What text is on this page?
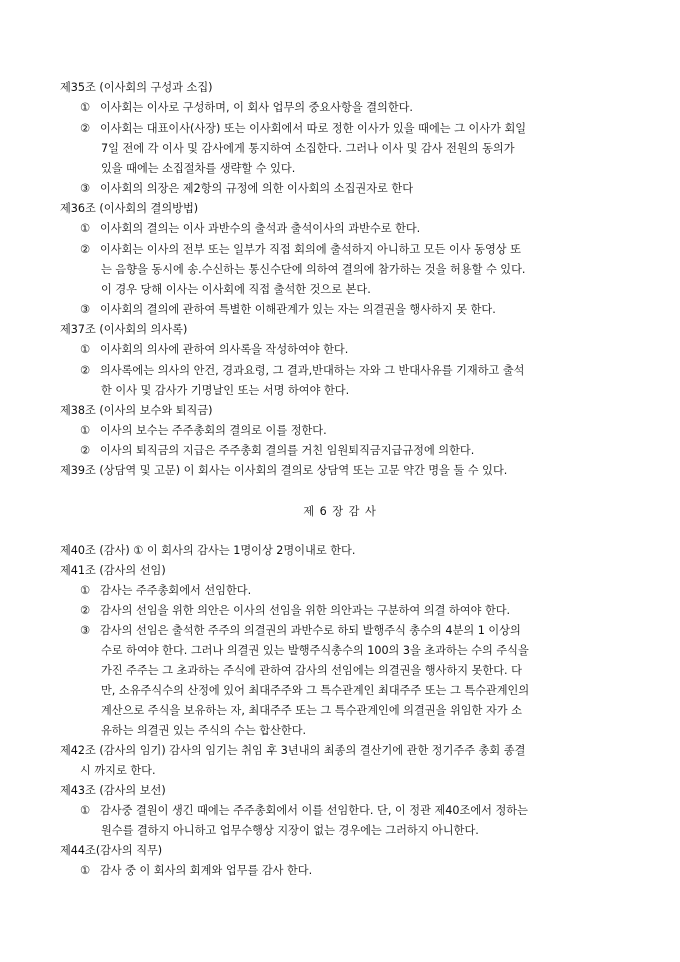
제35조 (이사회의 구성과 소집)
① 이사회는 이사로 구성하며, 이 회사 업무의 중요사항을 결의한다.
② 이사회는 대표이사(사장) 또는 이사회에서 따로 정한 이사가 있을 때에는 그 이사가 회일
7일 전에 각 이사 및 감사에게 통지하여 소집한다. 그러나 이사 및 감사 전원의 동의가
있을 때에는 소집절차를 생략할 수 있다.
③ 이사회의 의장은 제2항의 규정에 의한 이사회의 소집권자로 한다
제36조 (이사회의 결의방법)
① 이사회의 결의는 이사 과반수의 출석과 출석이사의 과반수로 한다.
② 이사회는 이사의 전부 또는 일부가 직접 회의에 출석하지 아니하고 모든 이사 동영상 또
는 음향을 동시에 송.수신하는 통신수단에 의하여 결의에 참가하는 것을 허용할 수 있다.
이 경우 당해 이사는 이사회에 직접 출석한 것으로 본다.
③ 이사회의 결의에 관하여 특별한 이해관계가 있는 자는 의결권을 행사하지 못 한다.
제37조 (이사회의 의사록)
① 이사회의 의사에 관하여 의사록을 작성하여야 한다.
② 의사록에는 의사의 안건, 경과요령, 그 결과,반대하는 자와 그 반대사유를 기재하고 출석
한 이사 및 감사가 기명날인 또는 서명 하여야 한다.
제38조 (이사의 보수와 퇴직금)
① 이사의 보수는 주주총회의 결의로 이를 정한다.
② 이사의 퇴직금의 지급은 주주총회 결의를 거친 임원퇴직금지급규정에 의한다.
제39조 (상담역 및 고문) 이 회사는 이사회의 결의로 상담역 또는 고문 약간 명을 둘 수 있다.
제 6 장 감 사
제40조 (감사) ① 이 회사의 감사는 1명이상 2명이내로 한다.
제41조 (감사의 선임)
① 감사는 주주총회에서 선임한다.
② 감사의 선임을 위한 의안은 이사의 선임을 위한 의안과는 구분하여 의결 하여야 한다.
③ 감사의 선임은 출석한 주주의 의결권의 과반수로 하되 발행주식 총수의 4분의 1 이상의
수로 하여야 한다. 그러나 의결권 있는 발행주식총수의 100의 3을 초과하는 수의 주식을
가진 주주는 그 초과하는 주식에 관하여 감사의 선임에는 의결권을 행사하지 못한다. 다
만, 소유주식수의 산정에 있어 최대주주와 그 특수관계인 최대주주 또는 그 특수관계인의
계산으로 주식을 보유하는 자, 최대주주 또는 그 특수관계인에 의결권을 위임한 자가 소
유하는 의결권 있는 주식의 수는 합산한다.
제42조 (감사의 임기) 감사의 임기는 취임 후 3년내의 최종의 결산기에 관한 정기주주 총회 종결
시 까지로 한다.
제43조 (감사의 보선)
① 감사중 결원이 생긴 때에는 주주총회에서 이를 선임한다. 단, 이 정관 제40조에서 정하는
원수를 결하지 아니하고 업무수행상 지장이 없는 경우에는 그러하지 아니한다.
제44조(감사의 직무)
① 감사 중 이 회사의 회계와 업무를 감사 한다.
